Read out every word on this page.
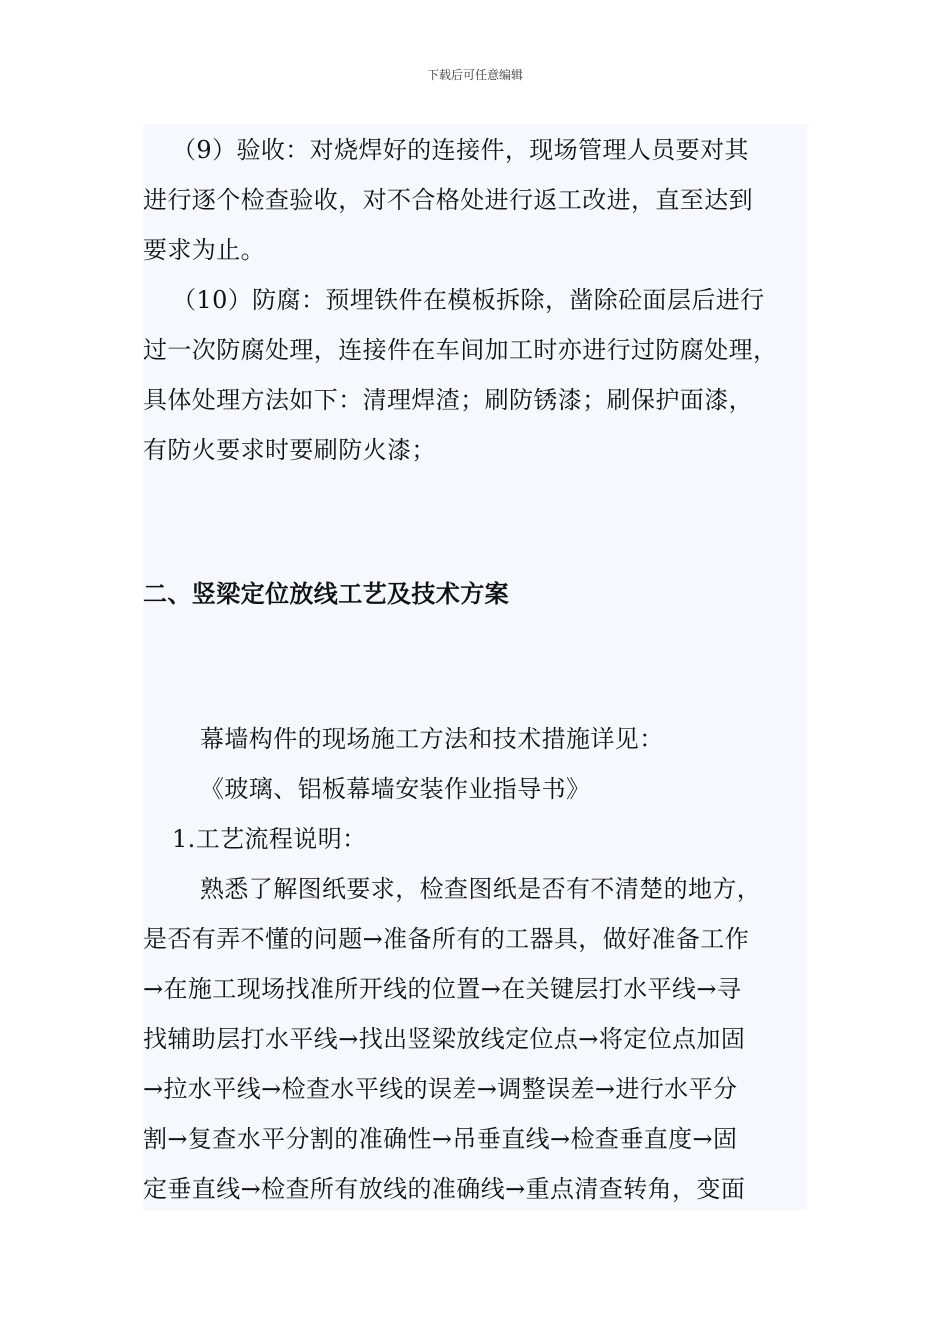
下载后可任意编辑
（9）验收：对烧焊好的连接件，现场管理人员要对其
进行逐个检查验收，对不合格处进行返工改进，直至达到
要求为止。
（10）防腐：预埋铁件在模板拆除，凿除砼面层后进行
过一次防腐处理，连接件在车间加工时亦进行过防腐处理，
具体处理方法如下：清理焊渣；刷防锈漆；刷保护面漆，
有防火要求时要刷防火漆；
二、竖梁定位放线工艺及技术方案
幕墙构件的现场施工方法和技术措施详见：
《玻璃、铝板幕墙安装作业指导书》
1.工艺流程说明：
熟悉了解图纸要求，检查图纸是否有不清楚的地方，
是否有弄不懂的问题→准备所有的工器具，做好准备工作
→在施工现场找准所开线的位置→在关键层打水平线→寻
找辅助层打水平线→找出竖梁放线定位点→将定位点加固
→拉水平线→检查水平线的误差→调整误差→进行水平分
割→复查水平分割的准确性→吊垂直线→检查垂直度→固
定垂直线→检查所有放线的准确线→重点清查转角，变面
